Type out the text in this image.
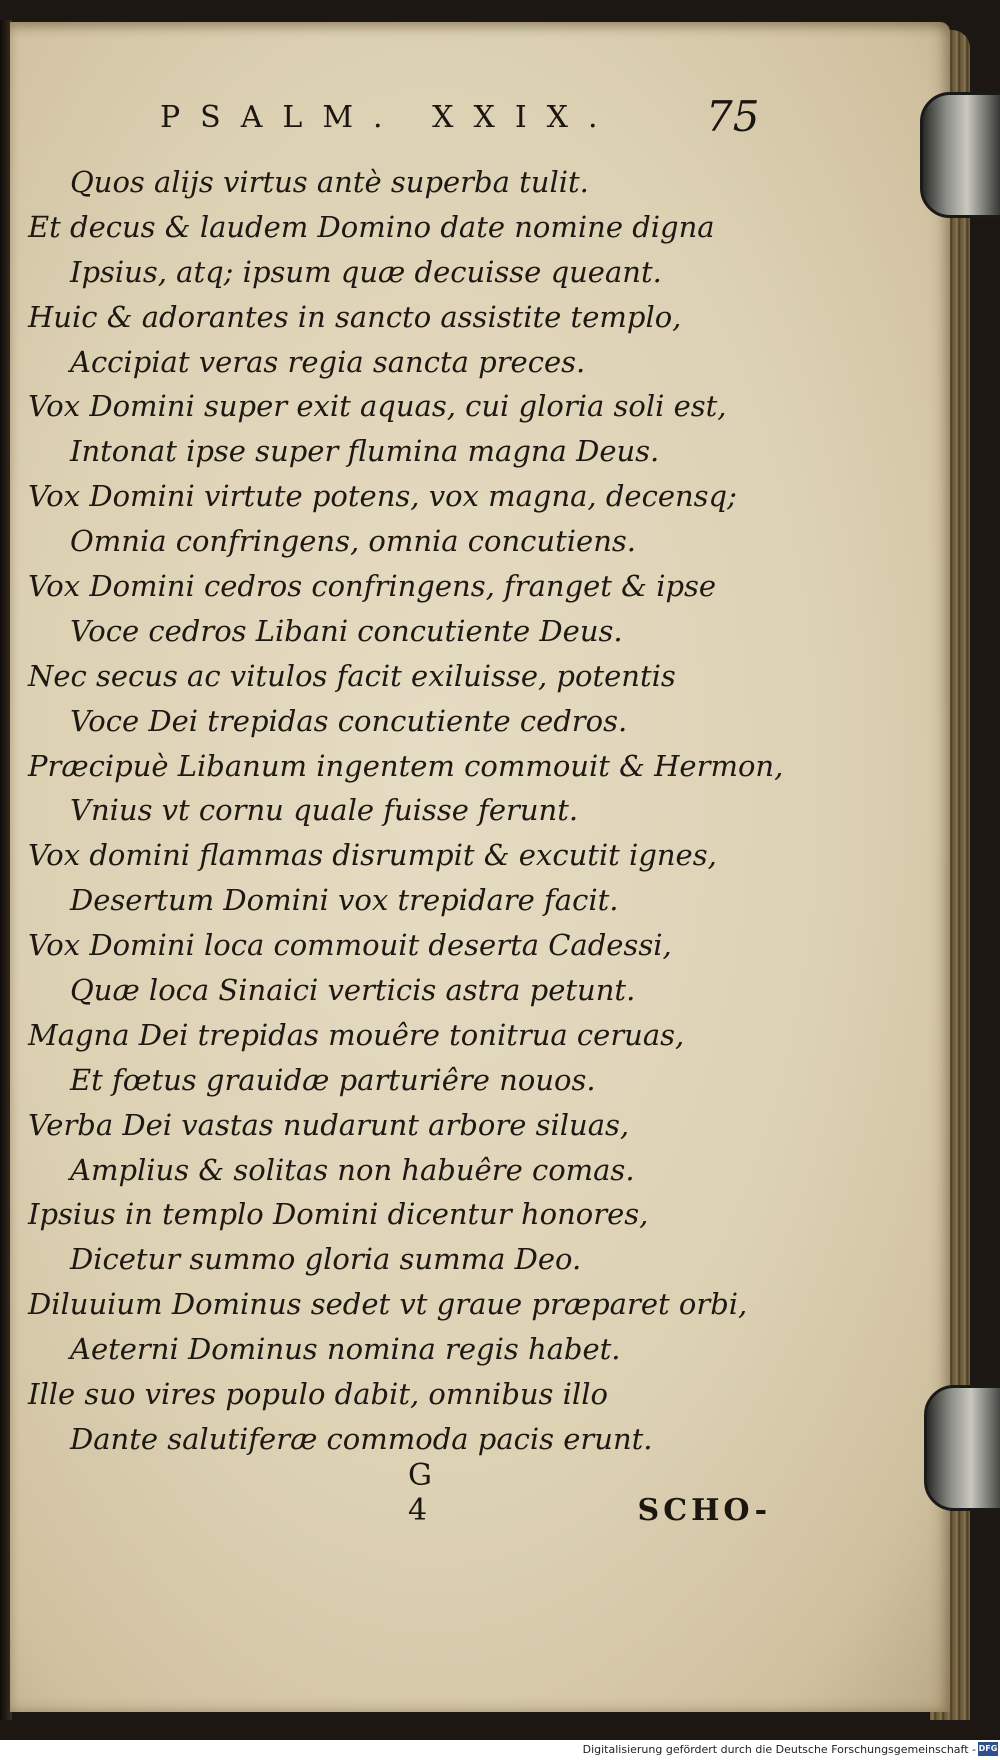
PSALM. XXIX.	75
Quos alijs virtus antè superba tulit.
Et decus & laudem Domino date nomine digna
Ipsius, atq; ipsum quæ decuisse queant.
Huic & adorantes in sancto assistite templo,
Accipiat veras regia sancta preces.
Vox Domini super exit aquas, cui gloria soli est,
Intonat ipse super flumina magna Deus.
Vox Domini virtute potens, vox magna, decensq;
Omnia confringens, omnia concutiens.
Vox Domini cedros confringens, franget & ipse
Voce cedros Libani concutiente Deus.
Nec secus ac vitulos facit exiluisse, potentis
Voce Dei trepidas concutiente cedros.
Præcipuè Libanum ingentem commouit & Hermon,
Vnius vt cornu quale fuisse ferunt.
Vox domini flammas disrumpit & excutit ignes,
Desertum Domini vox trepidare facit.
Vox Domini loca commouit deserta Cadessi,
Quæ loca Sinaici verticis astra petunt.
Magna Dei trepidas mouêre tonitrua ceruas,
Et fœtus grauidæ parturiêre nouos.
Verba Dei vastas nudarunt arbore siluas,
Amplius & solitas non habuêre comas.
Ipsius in templo Domini dicentur honores,
Dicetur summo gloria summa Deo.
Diluuium Dominus sedet vt graue præparet orbi,
Aeterni Dominus nomina regis habet.
Ille suo vires populo dabit, omnibus illo
Dante salutiferæ commoda pacis erunt.
G 4	SCHO-
Digitalisierung gefördert durch die Deutsche Forschungsgemeinschaft - DFG
